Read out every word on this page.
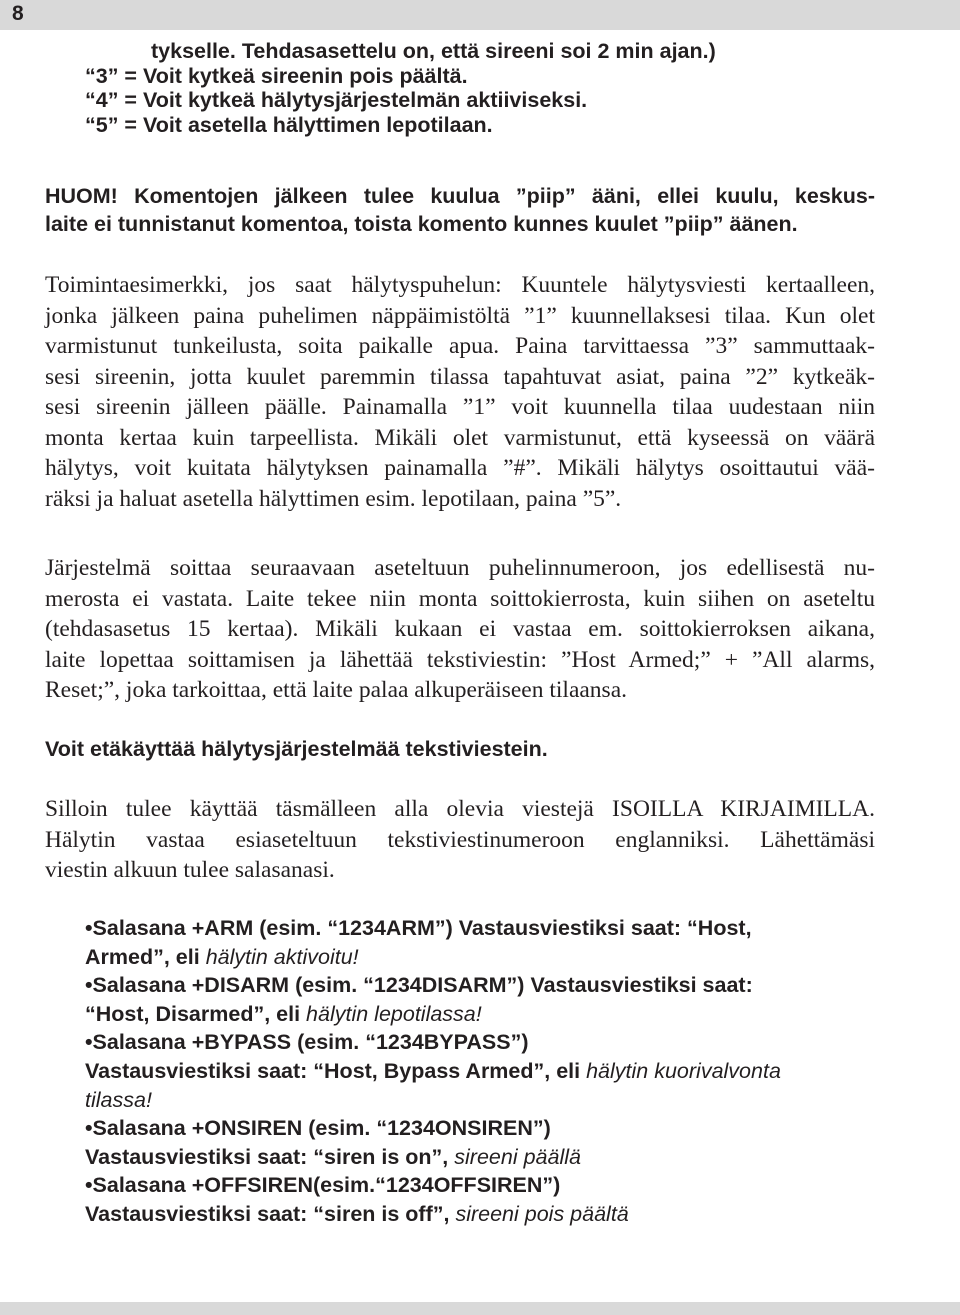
8
tykselle. Tehdasasettelu on, että sireeni soi 2 min ajan.)
“3” = Voit kytkeä sireenin pois päältä.
“4” = Voit kytkeä hälytysjärjestelmän aktiiviseksi.
“5” = Voit asetella hälyttimen lepotilaan.
HUOM! Komentojen jälkeen tulee kuulua ”piip” ääni, ellei kuulu, keskus-
laite ei tunnistanut komentoa, toista komento kunnes kuulet ”piip” äänen.
Toimintaesimerkki, jos saat hälytyspuhelun: Kuuntele hälytysviesti kertaalleen,
jonka jälkeen paina puhelimen näppäimistöltä ”1” kuunnellaksesi tilaa. Kun olet
varmistunut tunkeilusta, soita paikalle apua. Paina tarvittaessa ”3” sammuttaak-
sesi sireenin, jotta kuulet paremmin tilassa tapahtuvat asiat, paina ”2” kytkeäk-
sesi sireenin jälleen päälle. Painamalla ”1” voit kuunnella tilaa uudestaan niin
monta kertaa kuin tarpeellista. Mikäli olet varmistunut, että kyseessä on väärä
hälytys, voit kuitata hälytyksen painamalla ”#”. Mikäli hälytys osoittautui vää-
räksi ja haluat asetella hälyttimen esim. lepotilaan, paina ”5”.
Järjestelmä soittaa seuraavaan aseteltuun puhelinnumeroon, jos edellisestä nu-
merosta ei vastata. Laite tekee niin monta soittokierrosta, kuin siihen on aseteltu
(tehdasasetus 15 kertaa). Mikäli kukaan ei vastaa em. soittokierroksen aikana,
laite lopettaa soittamisen ja lähettää tekstiviestin: ”Host Armed;” + ”All alarms,
Reset;”, joka tarkoittaa, että laite palaa alkuperäiseen tilaansa.
Voit etäkäyttää hälytysjärjestelmää tekstiviestein.
Silloin tulee käyttää täsmälleen alla olevia viestejä ISOILLA KIRJAIMILLA.
Hälytin vastaa esiaseteltuun tekstiviestinumeroon englanniksi. Lähettämäsi
viestin alkuun tulee salasanasi.
•Salasana +ARM (esim. “1234ARM”) Vastausviestiksi saat: “Host,
Armed”, eli hälytin aktivoitu!
•Salasana +DISARM (esim. “1234DISARM”) Vastausviestiksi saat:
“Host, Disarmed”, eli hälytin lepotilassa!
•Salasana +BYPASS (esim. “1234BYPASS”)
Vastausviestiksi saat: “Host, Bypass Armed”, eli hälytin kuorivalvonta
tilassa!
•Salasana +ONSIREN (esim. “1234ONSIREN”)
Vastausviestiksi saat: “siren is on”, sireeni päällä
•Salasana +OFFSIREN(esim.“1234OFFSIREN”)
Vastausviestiksi saat: “siren is off”, sireeni pois päältä
